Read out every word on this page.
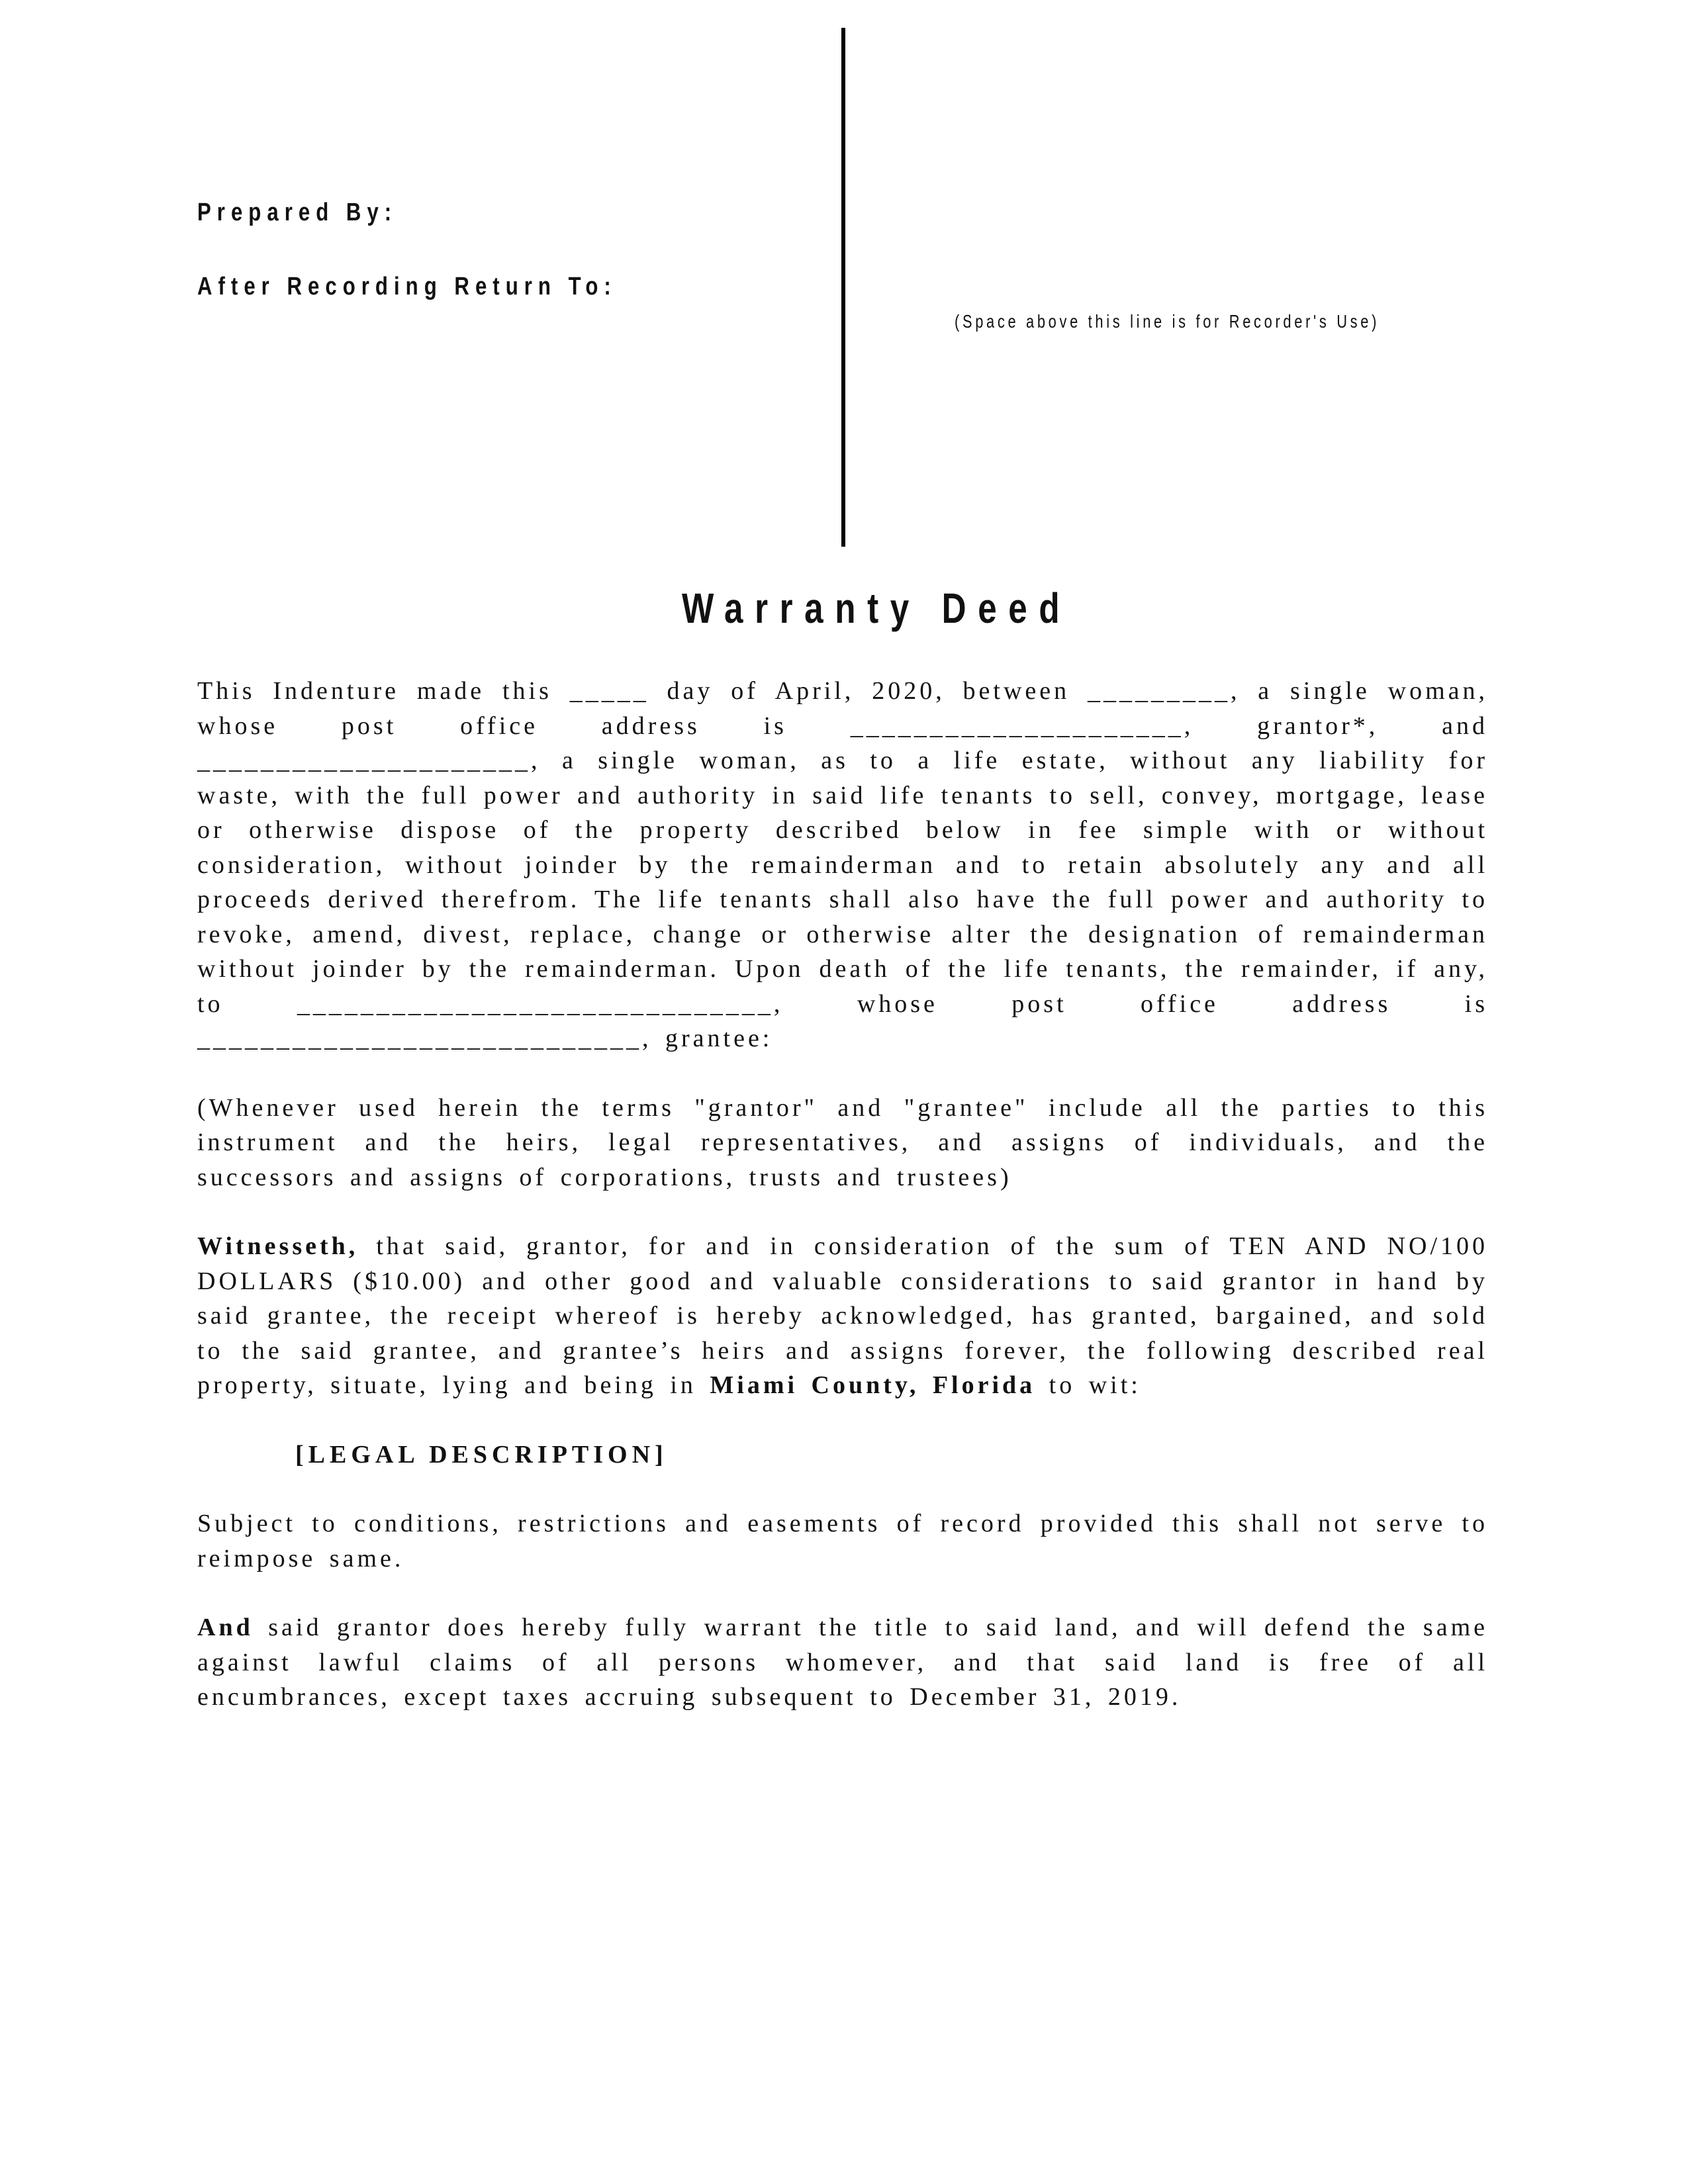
Prepared By:
After Recording Return To:
(Space above this line is for Recorder's Use)
Warranty Deed

This Indenture made this _____ day of April, 2020, between _________, a single woman, whose post office address is _____________________, grantor*, and _____________________, a single woman, as to a life estate, without any liability for waste, with the full power and authority in said life tenants to sell, convey, mortgage, lease or otherwise dispose of the property described below in fee simple with or without consideration, without joinder by the remainderman and to retain absolutely any and all proceeds derived therefrom. The life tenants shall also have the full power and authority to revoke, amend, divest, replace, change or otherwise alter the designation of remainderman without joinder by the remainderman. Upon death of the life tenants, the remainder, if any, to ______________________________, whose post office address is ____________________________, grantee:

(Whenever used herein the terms "grantor" and "grantee" include all the parties to this instrument and the heirs, legal representatives, and assigns of individuals, and the successors and assigns of corporations, trusts and trustees)

Witnesseth, that said, grantor, for and in consideration of the sum of TEN AND NO/100 DOLLARS ($10.00) and other good and valuable considerations to said grantor in hand by said grantee, the receipt whereof is hereby acknowledged, has granted, bargained, and sold to the said grantee, and grantee’s heirs and assigns forever, the following described real property, situate, lying and being in Miami County, Florida to wit:

[LEGAL DESCRIPTION]

Subject to conditions, restrictions and easements of record provided this shall not serve to reimpose same.

And said grantor does hereby fully warrant the title to said land, and will defend the same against lawful claims of all persons whomever, and that said land is free of all encumbrances, except taxes accruing subsequent to December 31, 2019.
